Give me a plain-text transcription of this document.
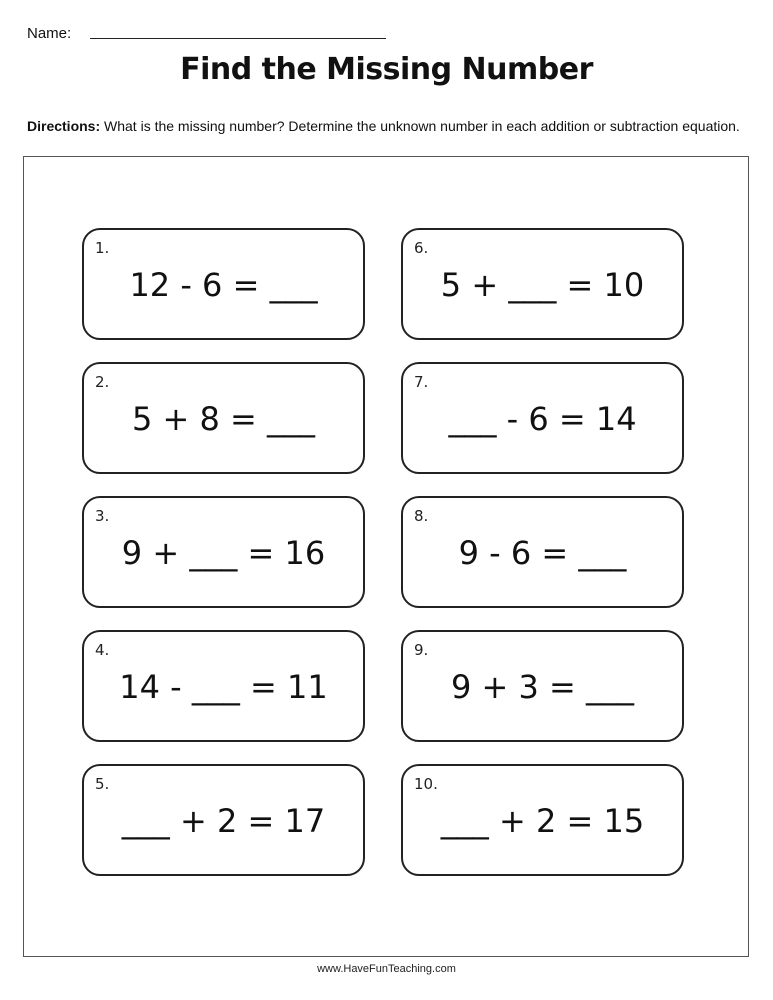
Name:
Find the Missing Number
Directions: What is the missing number? Determine the unknown number in each addition or subtraction equation.
1.
12 - 6 = ___
2.
5 + 8 = ___
3.
9 + ___ = 16
4.
14 - ___ = 11
5.
___ + 2 = 17
6.
5 + ___ = 10
7.
___ - 6 = 14
8.
9 - 6 = ___
9.
9 + 3 = ___
10.
___ + 2 = 15
www.HaveFunTeaching.com
